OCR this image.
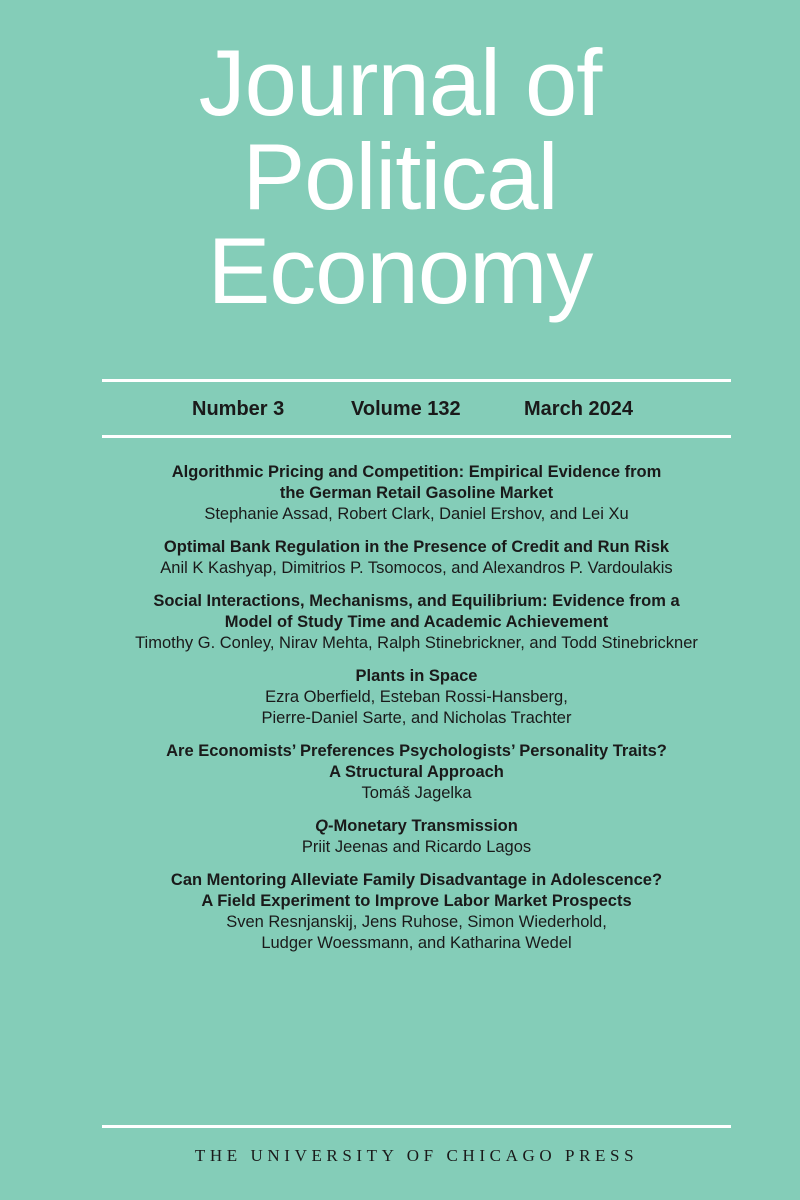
Journal of
Political
Economy
Number 3	Volume 132	March 2024
Algorithmic Pricing and Competition: Empirical Evidence from
the German Retail Gasoline Market
Stephanie Assad, Robert Clark, Daniel Ershov, and Lei Xu
Optimal Bank Regulation in the Presence of Credit and Run Risk
Anil K Kashyap, Dimitrios P. Tsomocos, and Alexandros P. Vardoulakis
Social Interactions, Mechanisms, and Equilibrium: Evidence from a
Model of Study Time and Academic Achievement
Timothy G. Conley, Nirav Mehta, Ralph Stinebrickner, and Todd Stinebrickner
Plants in Space
Ezra Oberfield, Esteban Rossi-Hansberg,
Pierre-Daniel Sarte, and Nicholas Trachter
Are Economists’ Preferences Psychologists’ Personality Traits?
A Structural Approach
Tomáš Jagelka
Q-Monetary Transmission
Priit Jeenas and Ricardo Lagos
Can Mentoring Alleviate Family Disadvantage in Adolescence?
A Field Experiment to Improve Labor Market Prospects
Sven Resnjanskij, Jens Ruhose, Simon Wiederhold,
Ludger Woessmann, and Katharina Wedel
THE UNIVERSITY OF CHICAGO PRESS
